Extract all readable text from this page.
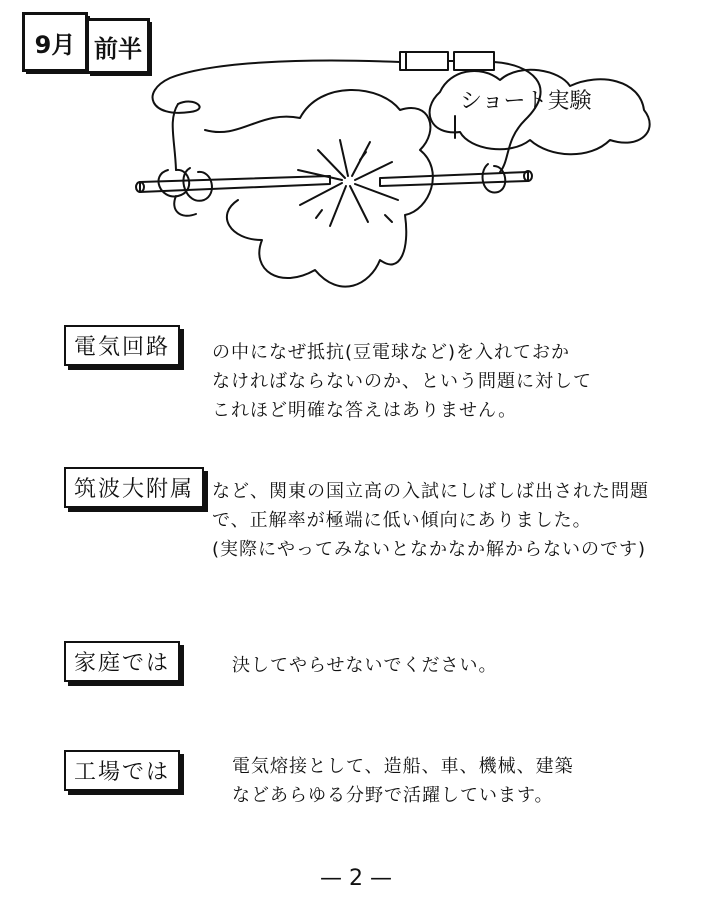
9月 前半
ショート実験
電気回路	の中になぜ抵抗(豆電球など)を入れておか
なければならないのか、という問題に対して
これほど明確な答えはありません。
筑波大附属 など、関東の国立高の入試にしばしば出された問題
で、正解率が極端に低い傾向にありました。
(実際にやってみないとなかなか解からないのです)
家庭では	決してやらせないでください。
工場では	電気熔接として、造船、車、機械、建築
などあらゆる分野で活躍しています。
— 2 —
